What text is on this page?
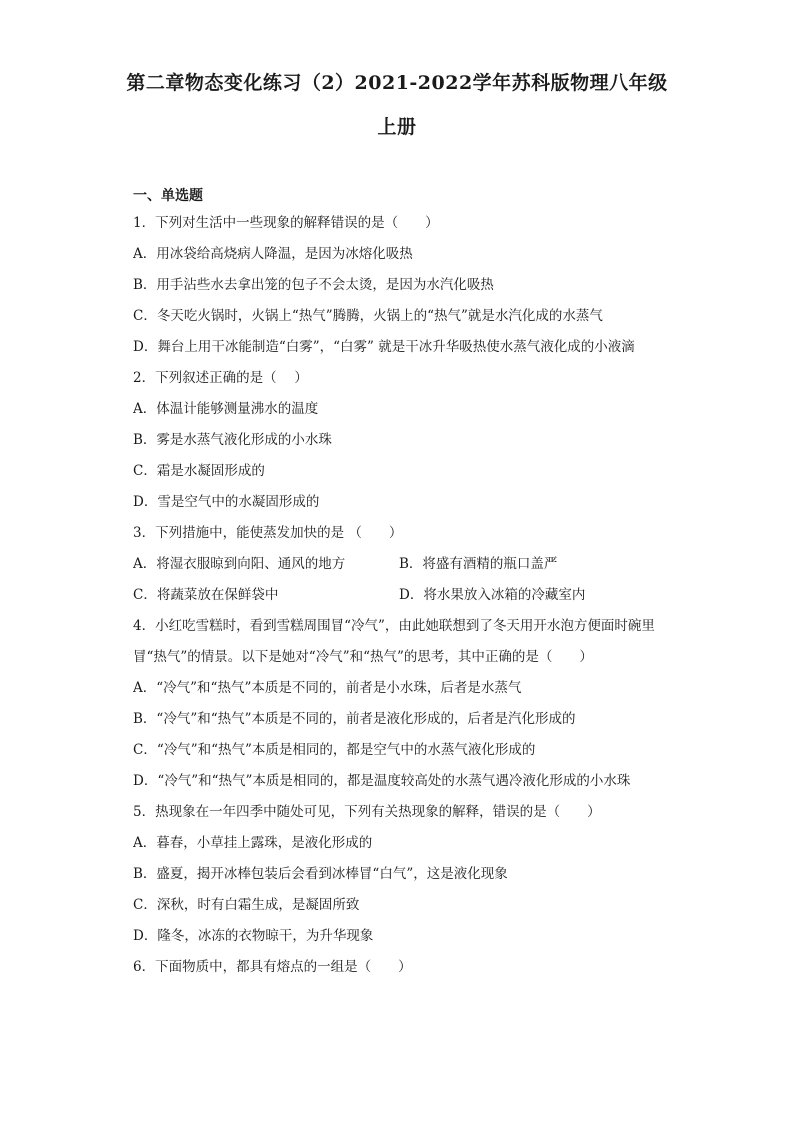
第二章物态变化练习（2）2021-2022学年苏科版物理八年级
上册
一、单选题
1．下列对生活中一些现象的解释错误的是（　　）
A．用冰袋给高烧病人降温，是因为冰熔化吸热
B．用手沾些水去拿出笼的包子不会太烫，是因为水汽化吸热
C．冬天吃火锅时，火锅上“热气”腾腾，火锅上的“热气”就是水汽化成的水蒸气
D．舞台上用干冰能制造“白雾”，“白雾” 就是干冰升华吸热使水蒸气液化成的小液滴
2．下列叙述正确的是（　 ）
A．体温计能够测量沸水的温度
B．雾是水蒸气液化形成的小水珠
C．霜是水凝固形成的
D．雪是空气中的水凝固形成的
3．下列措施中，能使蒸发加快的是 （　　）
A．将湿衣服晾到向阳、通风的地方	B．将盛有酒精的瓶口盖严
C．将蔬菜放在保鲜袋中	D．将水果放入冰箱的冷藏室内
4．小红吃雪糕时，看到雪糕周围冒“冷气”，由此她联想到了冬天用开水泡方便面时碗里冒“热气”的情景。以下是她对“冷气”和“热气”的思考，其中正确的是（　　）
A．“冷气”和“热气”本质是不同的，前者是小水珠，后者是水蒸气
B．“冷气”和“热气”本质是不同的，前者是液化形成的，后者是汽化形成的
C．“冷气”和“热气”本质是相同的，都是空气中的水蒸气液化形成的
D．“冷气”和“热气”本质是相同的，都是温度较高处的水蒸气遇冷液化形成的小水珠
5．热现象在一年四季中随处可见，下列有关热现象的解释，错误的是（　　）
A．暮春，小草挂上露珠，是液化形成的
B．盛夏，揭开冰棒包装后会看到冰棒冒“白气”，这是液化现象
C．深秋，时有白霜生成，是凝固所致
D．隆冬，冰冻的衣物晾干，为升华现象
6．下面物质中，都具有熔点的一组是（　　）
